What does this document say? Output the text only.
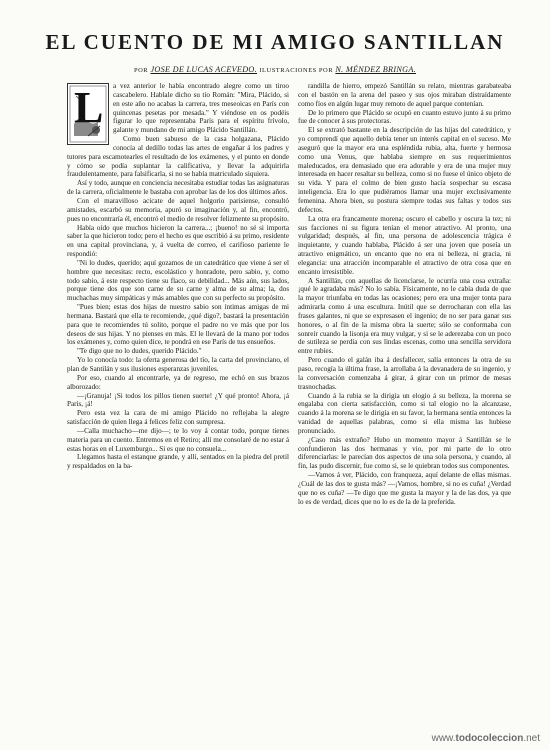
EL CUENTO DE MI AMIGO SANTILLAN
POR JOSE DE LUCAS ACEVEDO. ILUSTRACIONES POR N. MÉNDEZ BRINGA.

L a vez anterior le había encontrado alegre como un tiroo cascabelero. Hablale dicho su tío Román: "Mira, Plácido, si en este año no acabas la carrera, tres meseoicas en París con quincenas pesetas por mesada." Y viéndose en os podéis figurar lo que representaba París para el espíritu frívolo, galante y mundano de mi amigo Plácido Santillán.

Como buen sabueso de la casa holgazana, Plácido conocía al dedillo todas las artes de engañar á los padres y tutores para escamotearles el resultado de los exámenes, y el punto en donde y cómo se podía suplantar la calificativa, y llevar la adquirirla fraudulentamente, para falsificarla, si no se había matriculado siquiera.

Así y todo, aunque en conciencia necesitaba estudiar todas las asignaturas de la carrera, oficialmente le bastaba con aprobar las de los dos últimos años.

Con el maravilloso acicate de aquel holgorio parisiense, consultó amistades, escarbó su memoria, apuró su imaginación y, al fin, encontró, pues no encontraría él, encontró el medio de resolver felizmente su propósito.

Había oído que muchos hicieron la carrera...; ¡bueno! no sé si importa saber la que hicieron todo; pero el hecho es que escribió á su primo, residente en una capital provinciana, y, á vuelta de correo, el carifioso pariente le respondió:

"Ni lo dudes, querido; aquí gozamos de un catedrático que viene á ser el hombre que necesitas: recto, escolástico y honradote, pero sabio, y, como todo sabio, á este respecto tiene su flaco, su debilidad... Más aún, sus lados, porque tiene dos que son carne de su carne y alma de su alma; la, dos muchachas muy simpáticas y más amables que con su perfecto su propósito.

"Pues bien; estas dos hijas de nuestro sabio son íntimas amigas de mi hermana. Bastará que ella te recomiende, ¿qué digo?, bastará la presentación para que te recomiendes tú solito, porque el padre no ve más que por los deseos de sus hijas. Y no pienses en más. El le llevará de la mano por todos los exámenes y, como quien dice, te pondrá en ese París de tus ensueños.

"Te digo que no lo dudes, querido Plácido."

Yo lo conocía todo: la oferta generosa del tío, la carta del provinciano, el plan de Santilán y sus ilusiones esperanzas juveniles.

Por eso, cuando al encontrarle, ya de regreso, me echó en sus brazos alborozado:

—¡Granuja! ¡Si todos los pillos tienen suerte! ¿Y qué pronto! Ahora, ¡á París, ¡á!

Pero esta vez la cara de mi amigo Plácido no reflejaba la alegre satisfacción de quien llega á felices feliz con sumpresa.

—Calla muchacho—me dijo—; te lo voy á contar todo, porque tienes materia para un cuento. Entremos en el Retiro; allí me consolaré de no estar á estas horas en el Luxemburgo... Si es que no consuela...

Llegamos hasta el estanque grande, y allí, sentados en la piedra del pretil y respaldados en la ba-

randilla de hierro, empezó Santillán su relato, mientras garabateaba con el bastón en la arena del paseo y sus ojos miraban distraídamente como fíos en algún lugar muy remoto de aquel parque contenían.

De lo primero que Plácido se ocupó en cuanto estuvo junto á su primo fue de conocer á sus protectoras.

El se extrató bastante en la descripción de las hijas del catedrático, y yo comprendí que aquello debía tener un interés capital en el suceso. Me aseguró que la mayor era una espléndida rubia, alta, fuerte y hermosa como una Venus, que hablaba siempre en sus requerimientos maleducados, era demasiado que era adorable y era de una mujer muy interesada en hacer resaltar su belleza, como si no fuese el único objeto de su vida. Y para el colmo de bien gusto hacía sospechar su escasa inteligencia. Era lo que pudiéramos llamar una mujer exclusivamente femenina. Ahora bien, su postura siempre todas sus faltas y todos sus defectos.

La otra era francamente morena; oscuro el cabello y oscura la tez; ni sus facciones ni su figura tenían el menor atractivo. Al pronto, una vulgaridad; después, al fin, una persona de adolescencia trágica é inquietante, y cuando hablaba, Plácido á ser una joven que poseía un atractivo enigmático, un encanto que no era ni belleza, ni gracia, ni elegancia: una atracción incomparable el atractivo de otra cosa que en encanto irresistible.

A Santillán, con aquellas de licenciarse, le ocurría una cosa extraña: ¡qué le agradaba más? No lo sabía. Físicamente, no le cabía duda de que la mayor triunfaba en todas las ocasiones; pero era una mujer tonta para admirarla como á una escultura. Inútil que se derrocharan con ella las frases galantes, ni que se expresasen el ingenio; de no ser para ganar sus honores, o al fin de la misma obra la suerte; sólo se conformaba con sonreír cuando la lisonja era muy vulgar, y si se le aderezaba con un poco de sutileza se perdía con sus lindas escenas, como una sencilla servidora entre rubíes.

Pero cuando el galán iba á desfallecer, salía entonces la otra de su paso, recogía la última frase, la arrollaba á la devanadera de su ingenio, y la conversación comenzaba á girar, á girar con un primor de mesas trasnochadas.

Cuando á la rubia se la dirigía un elogio á su belleza, la morena se engalaba con cierta satisfacción, como si tal elogio no la alcanzase, cuando á la morena se le dirigía en su favor, la hermana sentía entonces la vanidad de aquellas palabras, como si ella misma las hubiese pronunciado.

¿Caso más extraño? Hubo un momento mayor á Santillán se le confundieron las dos hermanas y vio, por mi parte de lo otro diferenciarlas: le parecían dos aspectos de una sola persona, y cuando, al fin, las pudo discernir, fue como si, se le quiebran todos sus componentes.

—Vamos á ver, Plácido, con franqueza, aquí delante de ellas mismas. ¿Cuál de las dos te gusta más? —¡Vamos, hombre, si no es cuña! ¿Verdad que no es cuña? —Te digo que me gusta la mayor y la de las dos, ya que lo es de verdad, dices que no lo es de la de la preferida.

www.todocoleccion.net
